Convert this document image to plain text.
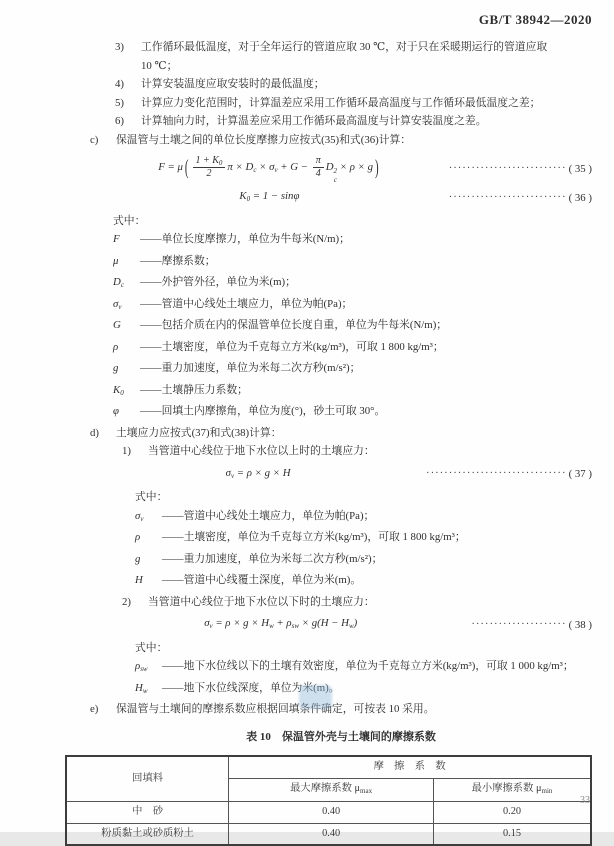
GB/T 38942—2020
3)	工作循环最低温度，对于全年运行的管道应取 30 ℃，对于只在采暖期运行的管道应取
10 ℃；
4)	计算安装温度应取安装时的最低温度；
5)	计算应力变化范围时，计算温差应采用工作循环最高温度与工作循环最低温度之差；
6)	计算轴向力时，计算温差应采用工作循环最高温度与计算安装温度之差。
c)	保温管与土壤之间的单位长度摩擦力应按式(35)和式(36)计算：
F = μ ( $\frac{1 + K_0}{2}$ $\pi \times D_c \times \sigma_v + G - \frac{\pi}{4}$ D 2
c
× ρ × g )	·························· ( 35 )
$K_0 = 1 - \sin\varphi$	·························· ( 36 )
式中：
F	——单位长度摩擦力，单位为牛每米(N/m)；
μ	——摩擦系数；
$D_c$	——外护管外径，单位为米(m)；
$\sigma_v$	——管道中心线处土壤应力，单位为帕(Pa)；
G	——包括介质在内的保温管单位长度自重，单位为牛每米(N/m)；
ρ	——土壤密度，单位为千克每立方米(kg/m³)，可取 1 800 kg/m³；
g	——重力加速度，单位为米每二次方秒(m/s²)；
$K_0$	——土壤静压力系数；
φ	——回填土内摩擦角，单位为度(°)，砂土可取 30°。
d)	土壤应力应按式(37)和式(38)计算：
1)	当管道中心线位于地下水位以上时的土壤应力：
$\sigma_v = \rho \times g \times H$	······························· ( 37 )
式中：
$\sigma_v$	——管道中心线处土壤应力，单位为帕(Pa)；
ρ	——土壤密度，单位为千克每立方米(kg/m³)，可取 1 800 kg/m³；
g	——重力加速度，单位为米每二次方秒(m/s²)；
H	——管道中心线覆土深度，单位为米(m)。
2)	当管道中心线位于地下水位以下时的土壤应力：
$\sigma_v = \rho \times g \times H_w + \rho_{sw} \times g(H - H_w)$	····················· ( 38 )
式中：
$\rho_{sw}$	——地下水位线以下的土壤有效密度，单位为千克每立方米(kg/m³)，可取 1 000 kg/m³；
$H_w$	——地下水位线深度，单位为米(m)。
e)	保温管与土壤间的摩擦系数应根据回填条件确定，可按表 10 采用。
表 10　保温管外壳与土壤间的摩擦系数
回填料	摩　擦　系　数	
	最大摩擦系数 $\mu_{max}$	最小摩擦系数 $\mu_{min}$
中　砂	0.40	0.20
粉质黏土或砂质粉土	0.40	0.15
33
